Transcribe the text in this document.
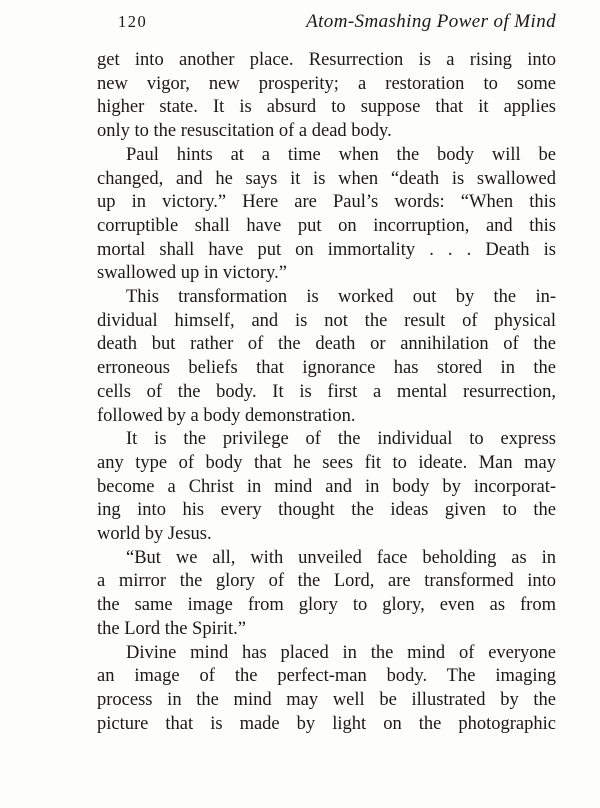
120	Atom-Smashing Power of Mind
get into another place. Resurrection is a rising into
new vigor, new prosperity; a restoration to some
higher state. It is absurd to suppose that it applies
only to the resuscitation of a dead body.
Paul hints at a time when the body will be
changed, and he says it is when “death is swallowed
up in victory.” Here are Paul’s words: “When this
corruptible shall have put on incorruption, and this
mortal shall have put on immortality . . . Death is
swallowed up in victory.”
This transformation is worked out by the in-
dividual himself, and is not the result of physical
death but rather of the death or annihilation of the
erroneous beliefs that ignorance has stored in the
cells of the body. It is first a mental resurrection,
followed by a body demonstration.
It is the privilege of the individual to express
any type of body that he sees fit to ideate. Man may
become a Christ in mind and in body by incorporat-
ing into his every thought the ideas given to the
world by Jesus.
“But we all, with unveiled face beholding as in
a mirror the glory of the Lord, are transformed into
the same image from glory to glory, even as from
the Lord the Spirit.”
Divine mind has placed in the mind of everyone
an image of the perfect-man body. The imaging
process in the mind may well be illustrated by the
picture that is made by light on the photographic
